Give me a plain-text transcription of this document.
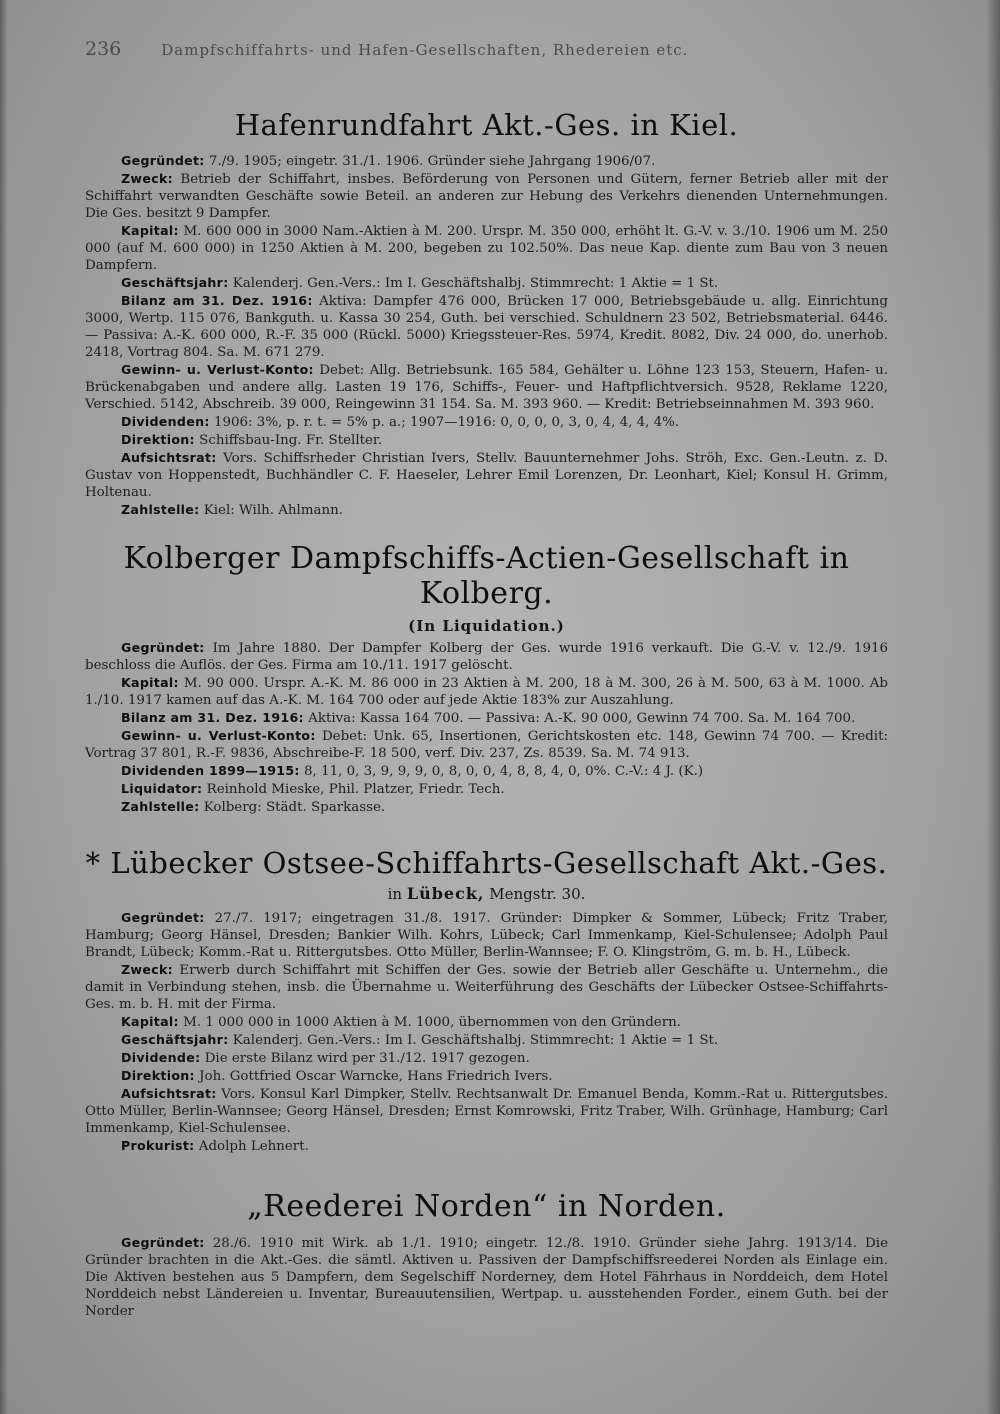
236	Dampfschiffahrts- und Hafen-Gesellschaften, Rhedereien etc.
Hafenrundfahrt Akt.-Ges. in Kiel.

Gegründet: 7./9. 1905; eingetr. 31./1. 1906. Gründer siehe Jahrgang 1906/07.

Zweck: Betrieb der Schiffahrt, insbes. Beförderung von Personen und Gütern, ferner Betrieb aller mit der Schiffahrt verwandten Geschäfte sowie Beteil. an anderen zur Hebung des Verkehrs dienenden Unternehmungen. Die Ges. besitzt 9 Dampfer.

Kapital: M. 600 000 in 3000 Nam.-Aktien à M. 200. Urspr. M. 350 000, erhöht lt. G.-V. v. 3./10. 1906 um M. 250 000 (auf M. 600 000) in 1250 Aktien à M. 200, begeben zu 102.50%. Das neue Kap. diente zum Bau von 3 neuen Dampfern.

Geschäftsjahr: Kalenderj. Gen.-Vers.: Im I. Geschäftshalbj. Stimmrecht: 1 Aktie = 1 St.

Bilanz am 31. Dez. 1916: Aktiva: Dampfer 476 000, Brücken 17 000, Betriebsgebäude u. allg. Einrichtung 3000, Wertp. 115 076, Bankguth. u. Kassa 30 254, Guth. bei verschied. Schuldnern 23 502, Betriebsmaterial. 6446. — Passiva: A.-K. 600 000, R.-F. 35 000 (Rückl. 5000) Kriegssteuer-Res. 5974, Kredit. 8082, Div. 24 000, do. unerhob. 2418, Vortrag 804. Sa. M. 671 279.

Gewinn- u. Verlust-Konto: Debet: Allg. Betriebsunk. 165 584, Gehälter u. Löhne 123 153, Steuern, Hafen- u. Brückenabgaben und andere allg. Lasten 19 176, Schiffs-, Feuer- und Haftpflichtversich. 9528, Reklame 1220, Verschied. 5142, Abschreib. 39 000, Reingewinn 31 154. Sa. M. 393 960. — Kredit: Betriebseinnahmen M. 393 960.

Dividenden: 1906: 3%, p. r. t. = 5% p. a.; 1907—1916: 0, 0, 0, 0, 3, 0, 4, 4, 4, 4%.

Direktion: Schiffsbau-Ing. Fr. Stellter.

Aufsichtsrat: Vors. Schiffsrheder Christian Ivers, Stellv. Bauunternehmer Johs. Ströh, Exc. Gen.-Leutn. z. D. Gustav von Hoppenstedt, Buchhändler C. F. Haeseler, Lehrer Emil Lorenzen, Dr. Leonhart, Kiel; Konsul H. Grimm, Holtenau.

Zahlstelle: Kiel: Wilh. Ahlmann.

Kolberger Dampfschiffs-Actien-Gesellschaft in Kolberg.
(In Liquidation.)

Gegründet: Im Jahre 1880. Der Dampfer Kolberg der Ges. wurde 1916 verkauft. Die G.-V. v. 12./9. 1916 beschloss die Auflös. der Ges. Firma am 10./11. 1917 gelöscht.

Kapital: M. 90 000. Urspr. A.-K. M. 86 000 in 23 Aktien à M. 200, 18 à M. 300, 26 à M. 500, 63 à M. 1000. Ab 1./10. 1917 kamen auf das A.-K. M. 164 700 oder auf jede Aktie 183% zur Auszahlung.

Bilanz am 31. Dez. 1916: Aktiva: Kassa 164 700. — Passiva: A.-K. 90 000, Gewinn 74 700. Sa. M. 164 700.

Gewinn- u. Verlust-Konto: Debet: Unk. 65, Insertionen, Gerichtskosten etc. 148, Gewinn 74 700. — Kredit: Vortrag 37 801, R.-F. 9836, Abschreibe-F. 18 500, verf. Div. 237, Zs. 8539. Sa. M. 74 913.

Dividenden 1899—1915: 8, 11, 0, 3, 9, 9, 9, 0, 8, 0, 0, 4, 8, 8, 4, 0, 0%. C.-V.: 4 J. (K.)

Liquidator: Reinhold Mieske, Phil. Platzer, Friedr. Tech.

Zahlstelle: Kolberg: Städt. Sparkasse.

* Lübecker Ostsee-Schiffahrts-Gesellschaft Akt.-Ges.
in Lübeck, Mengstr. 30.

Gegründet: 27./7. 1917; eingetragen 31./8. 1917. Gründer: Dimpker & Sommer, Lübeck; Fritz Traber, Hamburg; Georg Hänsel, Dresden; Bankier Wilh. Kohrs, Lübeck; Carl Immenkamp, Kiel-Schulensee; Adolph Paul Brandt, Lübeck; Komm.-Rat u. Rittergutsbes. Otto Müller, Berlin-Wannsee; F. O. Klingström, G. m. b. H., Lübeck.

Zweck: Erwerb durch Schiffahrt mit Schiffen der Ges. sowie der Betrieb aller Geschäfte u. Unternehm., die damit in Verbindung stehen, insb. die Übernahme u. Weiterführung des Geschäfts der Lübecker Ostsee-Schiffahrts-Ges. m. b. H. mit der Firma.

Kapital: M. 1 000 000 in 1000 Aktien à M. 1000, übernommen von den Gründern.

Geschäftsjahr: Kalenderj. Gen.-Vers.: Im I. Geschäftshalbj. Stimmrecht: 1 Aktie = 1 St.

Dividende: Die erste Bilanz wird per 31./12. 1917 gezogen.

Direktion: Joh. Gottfried Oscar Warncke, Hans Friedrich Ivers.

Aufsichtsrat: Vors. Konsul Karl Dimpker, Stellv. Rechtsanwalt Dr. Emanuel Benda, Komm.-Rat u. Rittergutsbes. Otto Müller, Berlin-Wannsee; Georg Hänsel, Dresden; Ernst Komrowski, Fritz Traber, Wilh. Grünhage, Hamburg; Carl Immenkamp, Kiel-Schulensee.

Prokurist: Adolph Lehnert.

„Reederei Norden“ in Norden.

Gegründet: 28./6. 1910 mit Wirk. ab 1./1. 1910; eingetr. 12./8. 1910. Gründer siehe Jahrg. 1913/14. Die Gründer brachten in die Akt.-Ges. die sämtl. Aktiven u. Passiven der Dampfschiffsreederei Norden als Einlage ein. Die Aktiven bestehen aus 5 Dampfern, dem Segelschiff Norderney, dem Hotel Fährhaus in Norddeich, dem Hotel Norddeich nebst Ländereien u. Inventar, Bureauutensilien, Wertpap. u. ausstehenden Forder., einem Guth. bei der Norder
